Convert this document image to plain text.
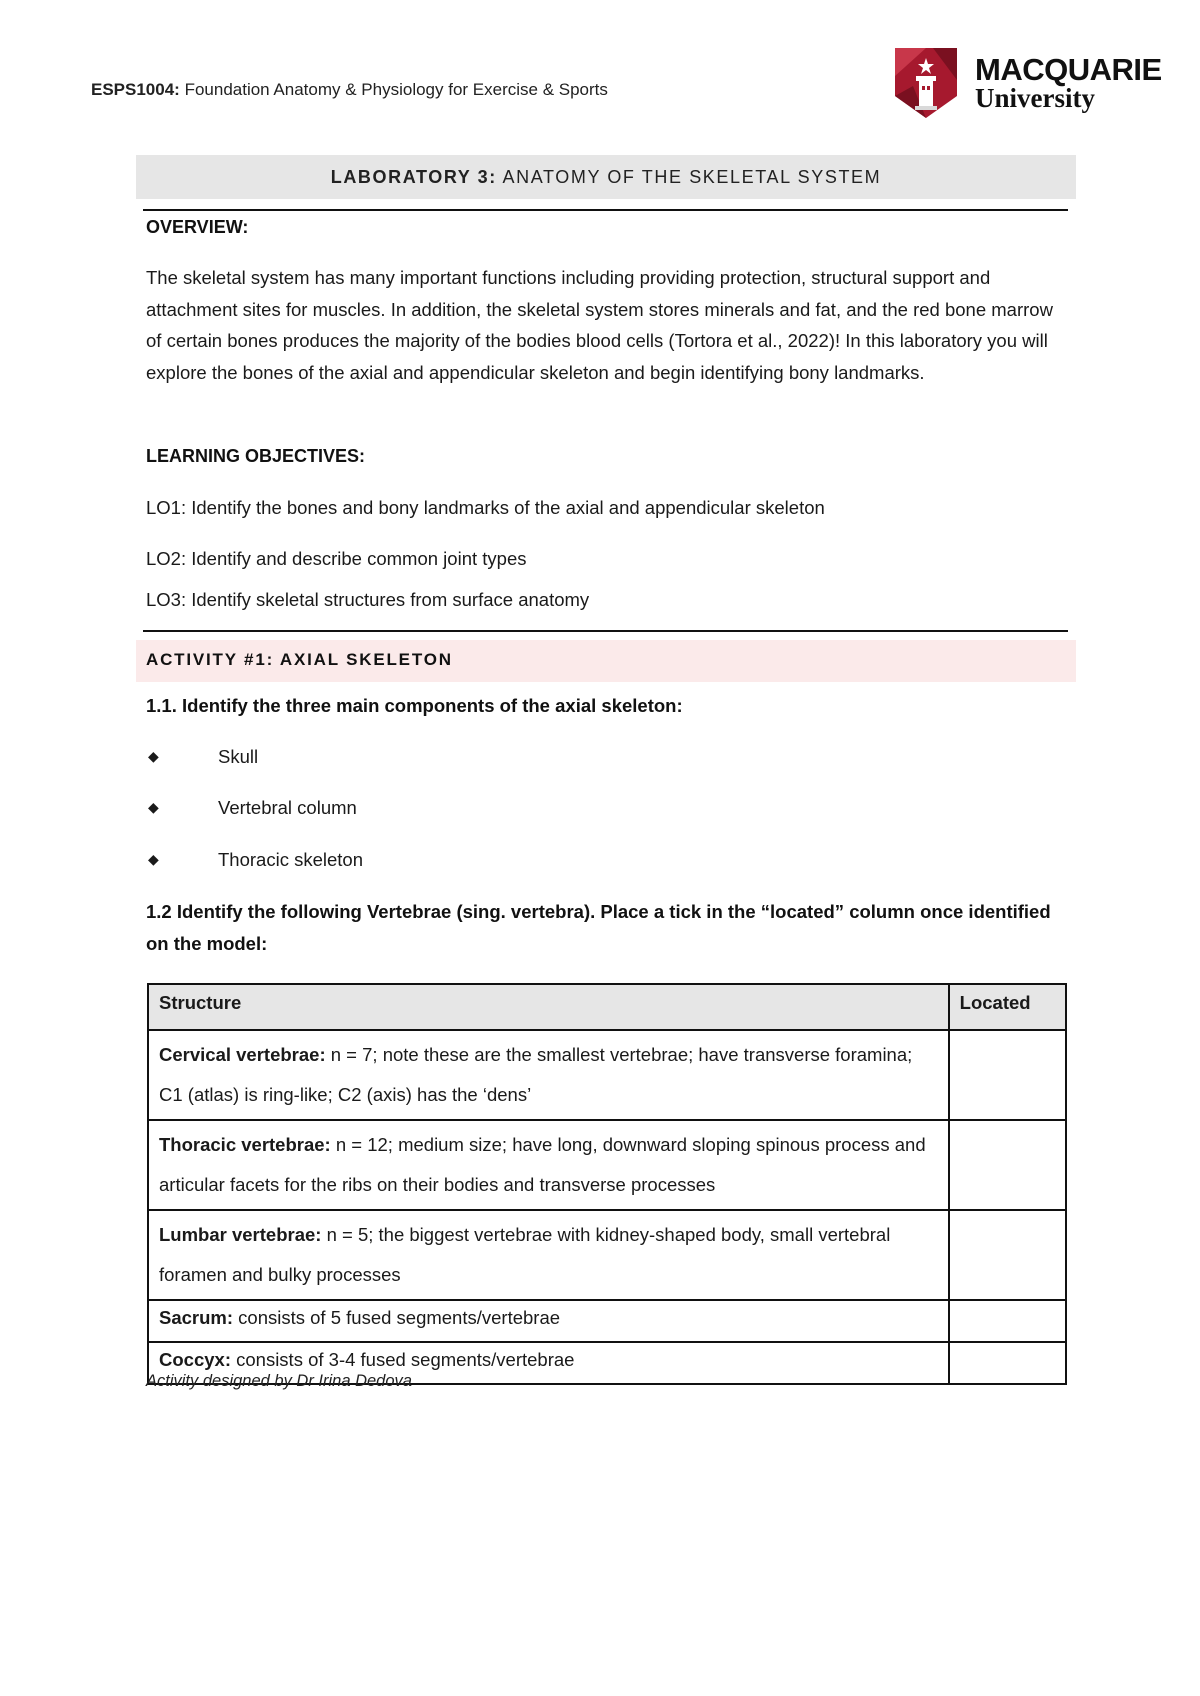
ESPS1004: Foundation Anatomy & Physiology for Exercise & Sports
MACQUARIE
University
LABORATORY 3: ANATOMY OF THE SKELETAL SYSTEM
OVERVIEW:
The skeletal system has many important functions including providing protection, structural support and attachment sites for muscles. In addition, the skeletal system stores minerals and fat, and the red bone marrow of certain bones produces the majority of the bodies blood cells (Tortora et al., 2022)! In this laboratory you will explore the bones of the axial and appendicular skeleton and begin identifying bony landmarks.
LEARNING OBJECTIVES:
LO1: Identify the bones and bony landmarks of the axial and appendicular skeleton
LO2: Identify and describe common joint types
LO3: Identify skeletal structures from surface anatomy
ACTIVITY #1: AXIAL SKELETON
1.1. Identify the three main components of the axial skeleton:
◆	Skull
◆	Vertebral column
◆	Thoracic skeleton
1.2 Identify the following Vertebrae (sing. vertebra). Place a tick in the “located” column once identified on the model:
Structure	Located
Cervical vertebrae: n = 7; note these are the smallest vertebrae; have transverse foramina; C1 (atlas) is ring-like; C2 (axis) has the ‘dens’	
Thoracic vertebrae: n = 12; medium size; have long, downward sloping spinous process and articular facets for the ribs on their bodies and transverse processes	
Lumbar vertebrae: n = 5; the biggest vertebrae with kidney-shaped body, small vertebral foramen and bulky processes	
Sacrum: consists of 5 fused segments/vertebrae	
Coccyx: consists of 3-4 fused segments/vertebrae	
Activity designed by Dr Irina Dedova
